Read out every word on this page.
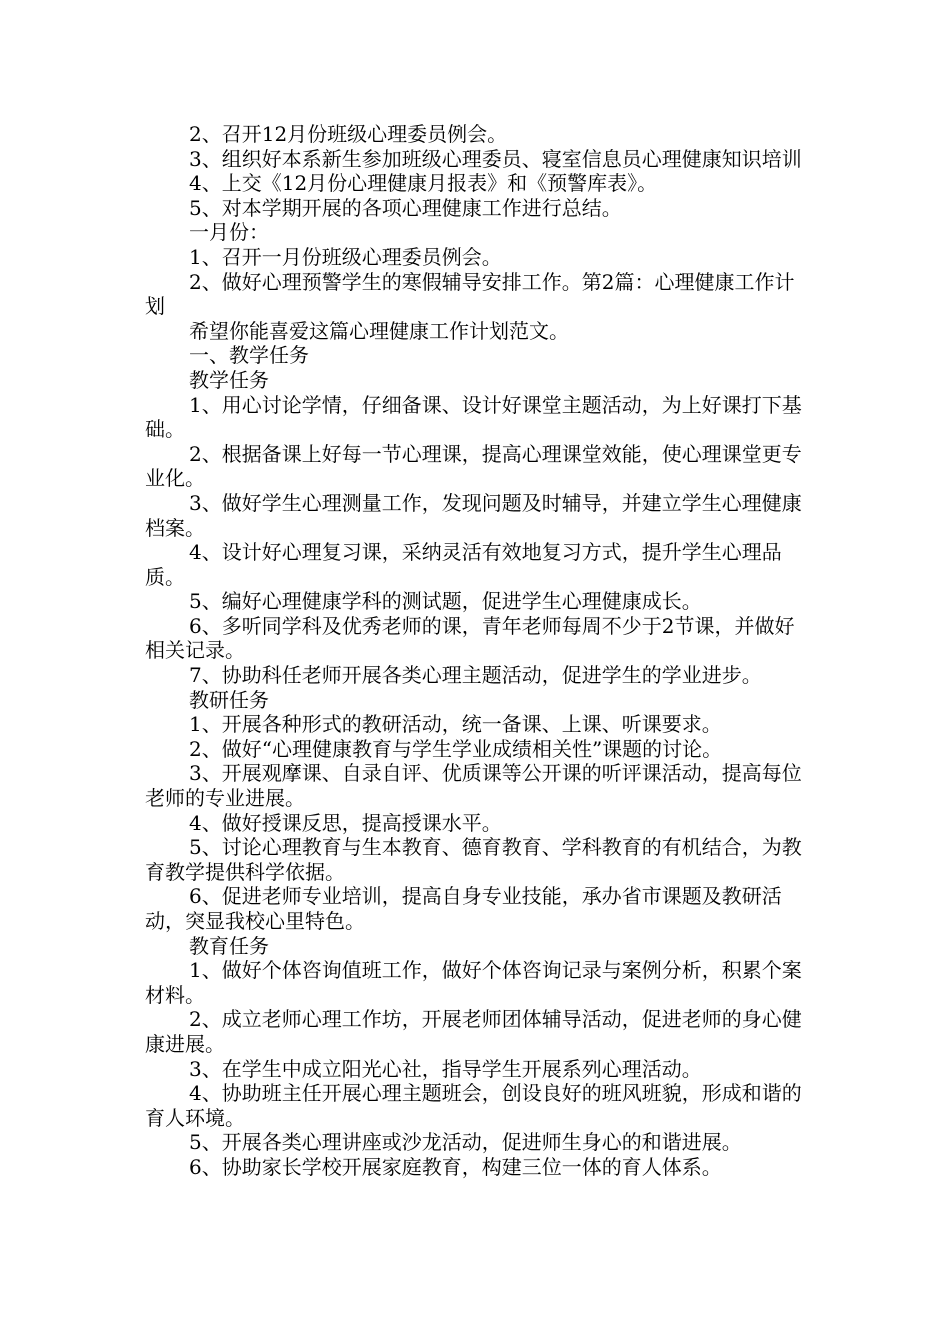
2、召开12月份班级心理委员例会。

3、组织好本系新生参加班级心理委员、寝室信息员心理健康知识培训

4、上交《12月份心理健康月报表》和《预警库表》。

5、对本学期开展的各项心理健康工作进行总结。

一月份：

1、召开一月份班级心理委员例会。

2、做好心理预警学生的寒假辅导安排工作。第2篇：心理健康工作计划

希望你能喜爱这篇心理健康工作计划范文。

一、教学任务

教学任务

1、用心讨论学情，仔细备课、设计好课堂主题活动，为上好课打下基础。

2、根据备课上好每一节心理课，提高心理课堂效能，使心理课堂更专业化。

3、做好学生心理测量工作，发现问题及时辅导，并建立学生心理健康档案。

4、设计好心理复习课，采纳灵活有效地复习方式，提升学生心理品质。

5、编好心理健康学科的测试题，促进学生心理健康成长。

6、多听同学科及优秀老师的课，青年老师每周不少于2节课，并做好相关记录。

7、协助科任老师开展各类心理主题活动，促进学生的学业进步。

教研任务

1、开展各种形式的教研活动，统一备课、上课、听课要求。

2、做好“心理健康教育与学生学业成绩相关性”课题的讨论。

3、开展观摩课、自录自评、优质课等公开课的听评课活动，提高每位老师的专业进展。

4、做好授课反思，提高授课水平。

5、讨论心理教育与生本教育、德育教育、学科教育的有机结合，为教育教学提供科学依据。

6、促进老师专业培训，提高自身专业技能，承办省市课题及教研活动，突显我校心里特色。

教育任务

1、做好个体咨询值班工作，做好个体咨询记录与案例分析，积累个案材料。

2、成立老师心理工作坊，开展老师团体辅导活动，促进老师的身心健康进展。

3、在学生中成立阳光心社，指导学生开展系列心理活动。

4、协助班主任开展心理主题班会，创设良好的班风班貌，形成和谐的育人环境。

5、开展各类心理讲座或沙龙活动，促进师生身心的和谐进展。

6、协助家长学校开展家庭教育，构建三位一体的育人体系。
